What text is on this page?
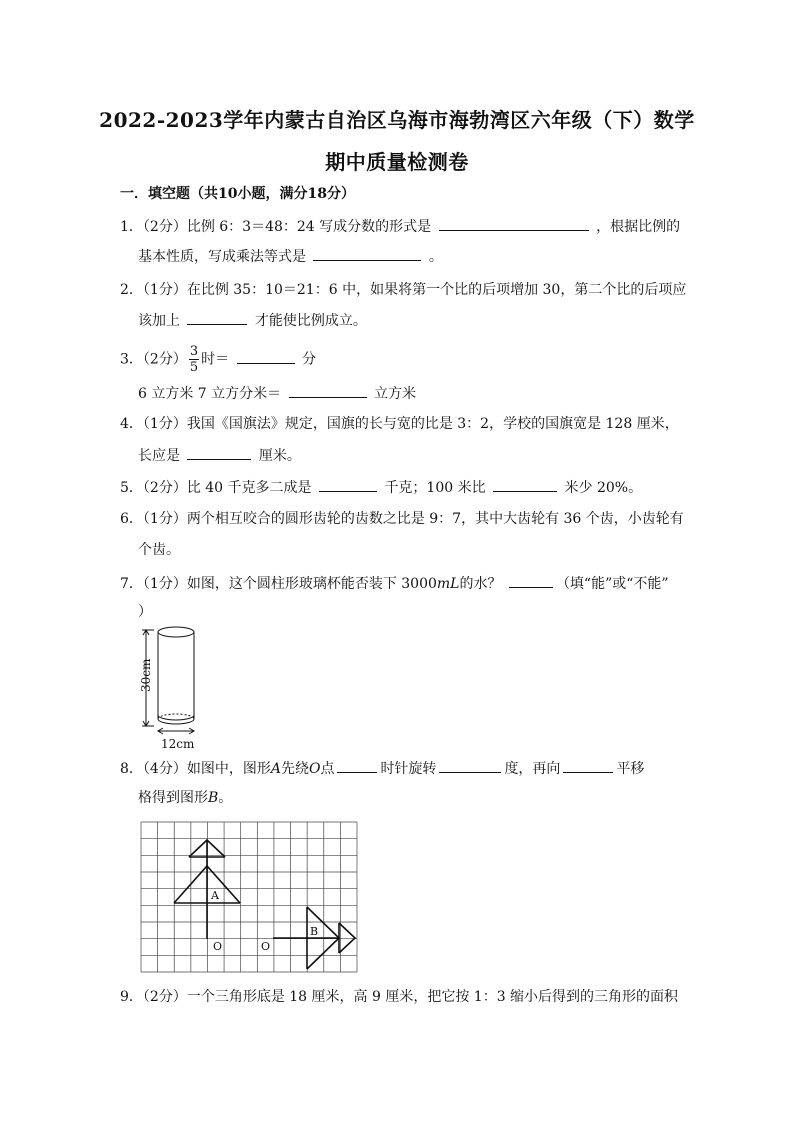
2022-2023学年内蒙古自治区乌海市海勃湾区六年级（下）数学
期中质量检测卷
一．填空题（共10小题，满分18分）
1．（2分）比例 6：3＝48：24 写成分数的形式是	，根据比例的
基本性质，写成乘法等式是	。
2．（1分）在比例 35：10＝21：6 中，如果将第一个比的后项增加 30，第二个比的后项应
该加上	才能使比例成立。
3．（2分） $\frac{3}{5}$ 时＝	分
6 立方米 7 立方分米＝	立方米
4．（1分）我国《国旗法》规定，国旗的长与宽的比是 3：2，学校的国旗宽是 128 厘米，
长应是	厘米。
5．（2分）比 40 千克多二成是	千克；100 米比	米少 20%。
6．（1分）两个相互咬合的圆形齿轮的齿数之比是 9：7，其中大齿轮有 36 个齿，小齿轮有
个齿。
7．（1分）如图，这个圆柱形玻璃杯能否装下 3000mL的水？	（填“能”或“不能”
）
30cm
12cm
8．（4分）如图中，图形A先绕O点	时针旋转	度，再向	平移
格得到图形B。
A
O	O
B
9．（2分）一个三角形底是 18 厘米，高 9 厘米，把它按 1：3 缩小后得到的三角形的面积
